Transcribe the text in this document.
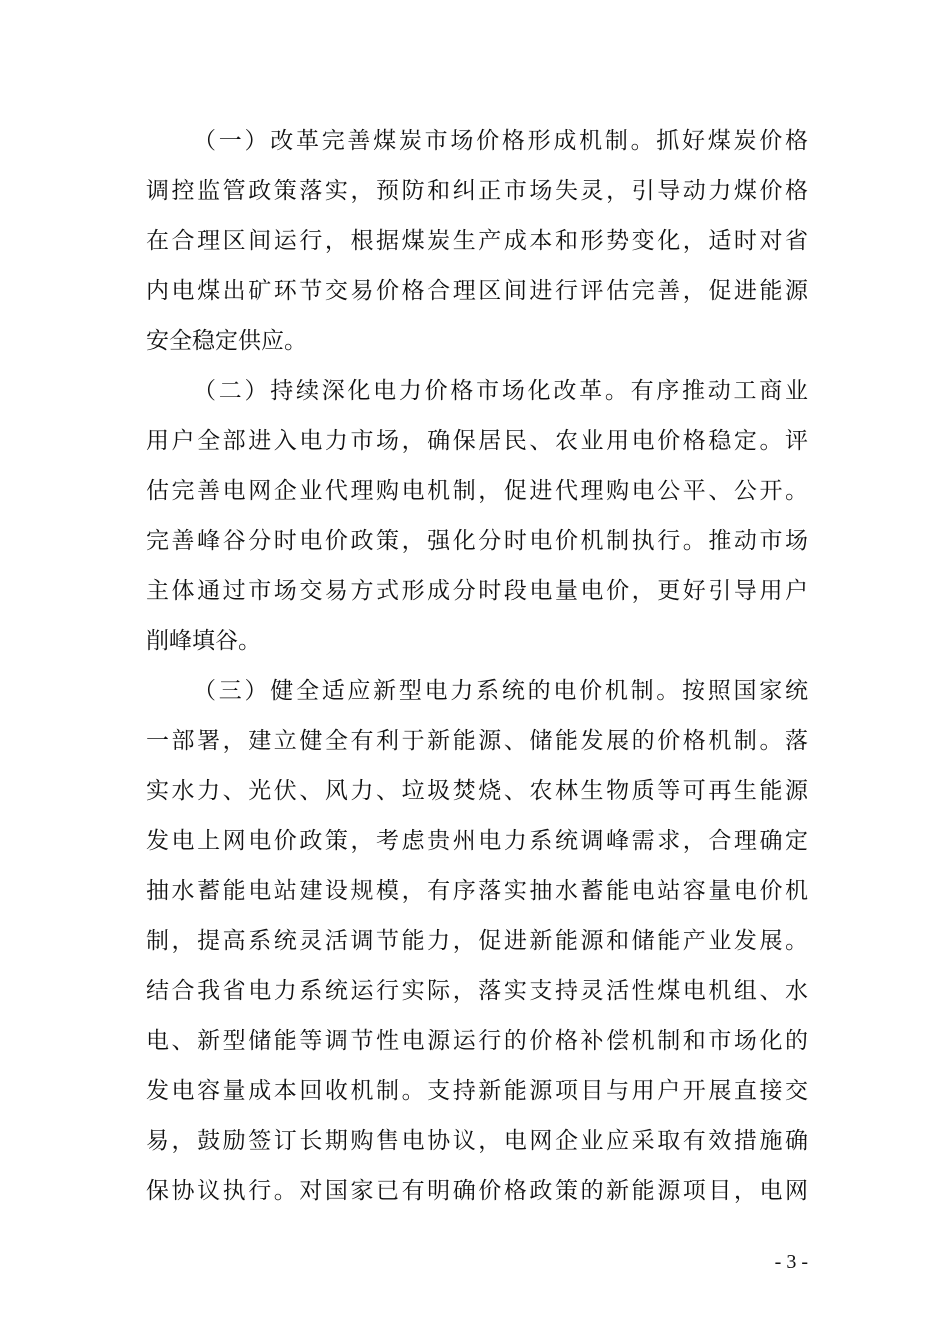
（一）改革完善煤炭市场价格形成机制。抓好煤炭价格
调控监管政策落实，预防和纠正市场失灵，引导动力煤价格
在合理区间运行，根据煤炭生产成本和形势变化，适时对省
内电煤出矿环节交易价格合理区间进行评估完善，促进能源
安全稳定供应。
（二）持续深化电力价格市场化改革。有序推动工商业
用户全部进入电力市场，确保居民、农业用电价格稳定。评
估完善电网企业代理购电机制，促进代理购电公平、公开。
完善峰谷分时电价政策，强化分时电价机制执行。推动市场
主体通过市场交易方式形成分时段电量电价，更好引导用户
削峰填谷。
（三）健全适应新型电力系统的电价机制。按照国家统
一部署，建立健全有利于新能源、储能发展的价格机制。落
实水力、光伏、风力、垃圾焚烧、农林生物质等可再生能源
发电上网电价政策，考虑贵州电力系统调峰需求，合理确定
抽水蓄能电站建设规模，有序落实抽水蓄能电站容量电价机
制，提高系统灵活调节能力，促进新能源和储能产业发展。
结合我省电力系统运行实际，落实支持灵活性煤电机组、水
电、新型储能等调节性电源运行的价格补偿机制和市场化的
发电容量成本回收机制。支持新能源项目与用户开展直接交
易，鼓励签订长期购售电协议，电网企业应采取有效措施确
保协议执行。对国家已有明确价格政策的新能源项目，电网
- 3 -
